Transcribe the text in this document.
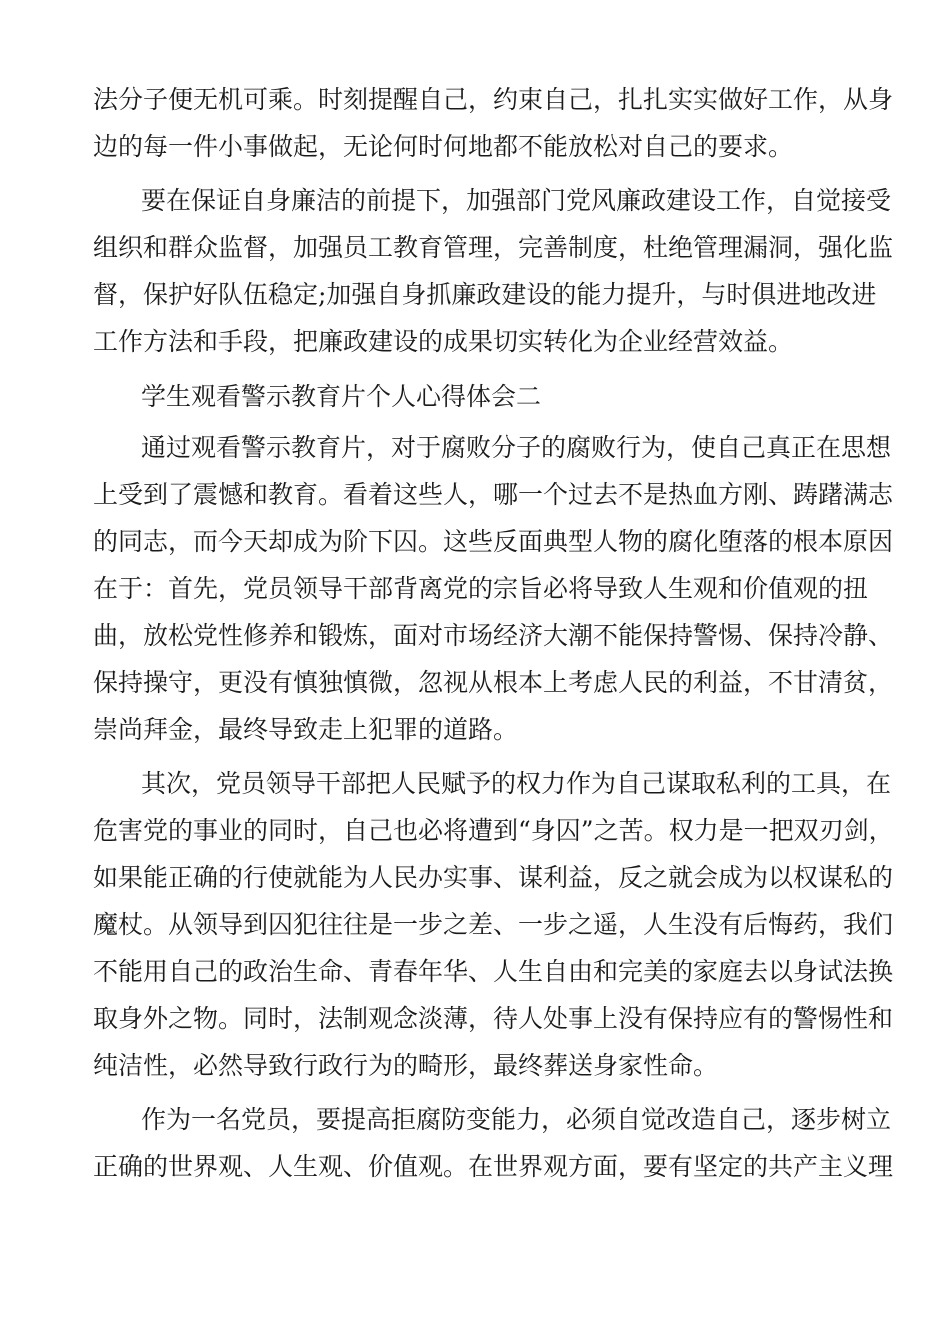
法分子便无机可乘。时刻提醒自己，约束自己，扎扎实实做好工作，从身
边的每一件小事做起，无论何时何地都不能放松对自己的要求。
要在保证自身廉洁的前提下，加强部门党风廉政建设工作，自觉接受
组织和群众监督，加强员工教育管理，完善制度，杜绝管理漏洞，强化监
督，保护好队伍稳定;加强自身抓廉政建设的能力提升，与时俱进地改进
工作方法和手段，把廉政建设的成果切实转化为企业经营效益。
学生观看警示教育片个人心得体会二
通过观看警示教育片，对于腐败分子的腐败行为，使自己真正在思想
上受到了震憾和教育。看着这些人，哪一个过去不是热血方刚、踌躇满志
的同志，而今天却成为阶下囚。这些反面典型人物的腐化堕落的根本原因
在于：首先，党员领导干部背离党的宗旨必将导致人生观和价值观的扭
曲，放松党性修养和锻炼，面对市场经济大潮不能保持警惕、保持冷静、
保持操守，更没有慎独慎微，忽视从根本上考虑人民的利益，不甘清贫，
崇尚拜金，最终导致走上犯罪的道路。
其次，党员领导干部把人民赋予的权力作为自己谋取私利的工具，在
危害党的事业的同时，自己也必将遭到“身囚”之苦。权力是一把双刃剑，
如果能正确的行使就能为人民办实事、谋利益，反之就会成为以权谋私的
魔杖。从领导到囚犯往往是一步之差、一步之遥，人生没有后悔药，我们
不能用自己的政治生命、青春年华、人生自由和完美的家庭去以身试法换
取身外之物。同时，法制观念淡薄，待人处事上没有保持应有的警惕性和
纯洁性，必然导致行政行为的畸形，最终葬送身家性命。
作为一名党员，要提高拒腐防变能力，必须自觉改造自己，逐步树立
正确的世界观、人生观、价值观。在世界观方面，要有坚定的共产主义理
